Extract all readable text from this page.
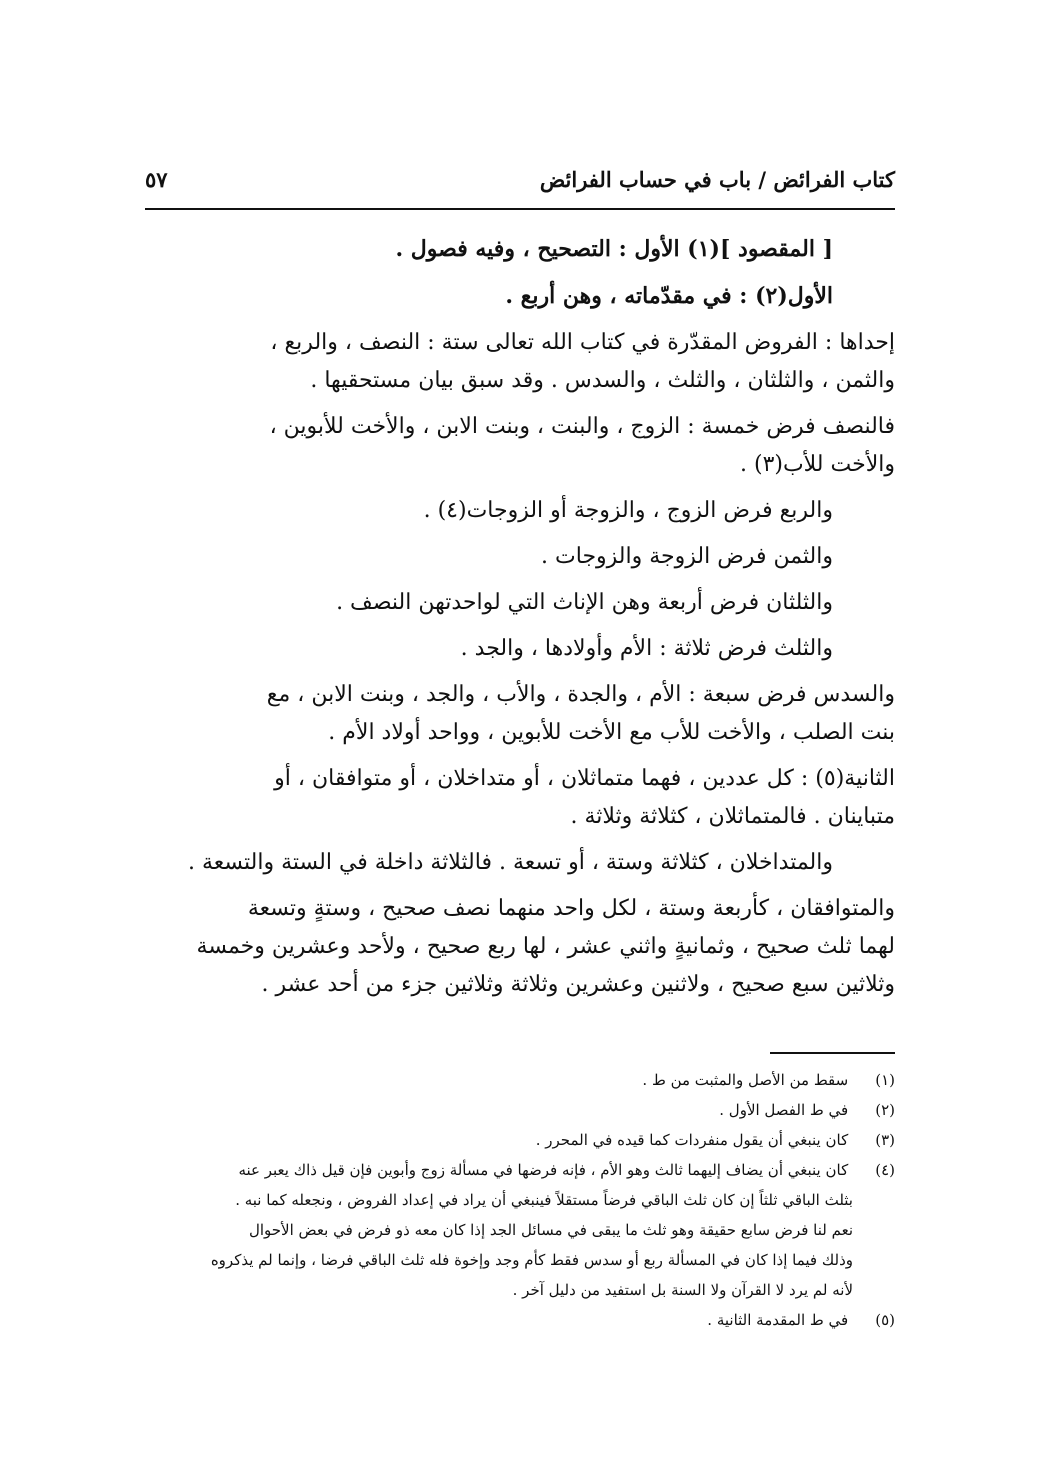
كتاب الفرائض / باب في حساب الفرائض
٥٧

[ المقصود ](١) الأول : التصحيح ، وفيه فصول .

الأول(٢) : في مقدّماته ، وهن أربع .

إحداها : الفروض المقدّرة في كتاب الله تعالى ستة : النصف ، والربع ،
والثمن ، والثلثان ، والثلث ، والسدس . وقد سبق بيان مستحقيها .

فالنصف فرض خمسة : الزوج ، والبنت ، وبنت الابن ، والأخت للأبوين ،
والأخت للأب(٣) .

والربع فرض الزوج ، والزوجة أو الزوجات(٤) .

والثمن فرض الزوجة والزوجات .

والثلثان فرض أربعة وهن الإناث التي لواحدتهن النصف .

والثلث فرض ثلاثة : الأم وأولادها ، والجد .

والسدس فرض سبعة : الأم ، والجدة ، والأب ، والجد ، وبنت الابن ، مع
بنت الصلب ، والأخت للأب مع الأخت للأبوين ، وواحد أولاد الأم .

الثانية(٥) : كل عددين ، فهما متماثلان ، أو متداخلان ، أو متوافقان ، أو
متباينان . فالمتماثلان ، كثلاثة وثلاثة .

والمتداخلان ، كثلاثة وستة ، أو تسعة . فالثلاثة داخلة في الستة والتسعة .

والمتوافقان ، كأربعة وستة ، لكل واحد منهما نصف صحيح ، وستةٍ وتسعة
لهما ثلث صحيح ، وثمانيةٍ واثني عشر ، لها ربع صحيح ، ولأحد وعشرين وخمسة
وثلاثين سبع صحيح ، ولاثنين وعشرين وثلاثة وثلاثين جزء من أحد عشر .

(١) سقط من الأصل والمثبت من ط .
(٢) في ط الفصل الأول .
(٣) كان ينبغي أن يقول منفردات كما قيده في المحرر .
(٤) كان ينبغي أن يضاف إليهما ثالث وهو الأم ، فإنه فرضها في مسألة زوج وأبوين فإن قيل ذاك يعبر عنه
بثلث الباقي ثلثاً إن كان ثلث الباقي فرضاً مستقلاً فينبغي أن يراد في إعداد الفروض ، ونجعله كما نبه .
نعم لنا فرض سابع حقيقة وهو ثلث ما يبقى في مسائل الجد إذا كان معه ذو فرض في بعض الأحوال
وذلك فيما إذا كان في المسألة ربع أو سدس فقط كأم وجد وإخوة فله ثلث الباقي فرضا ، وإنما لم يذكروه
لأنه لم يرد لا القرآن ولا السنة بل استفيد من دليل آخر .
(٥) في ط المقدمة الثانية .
